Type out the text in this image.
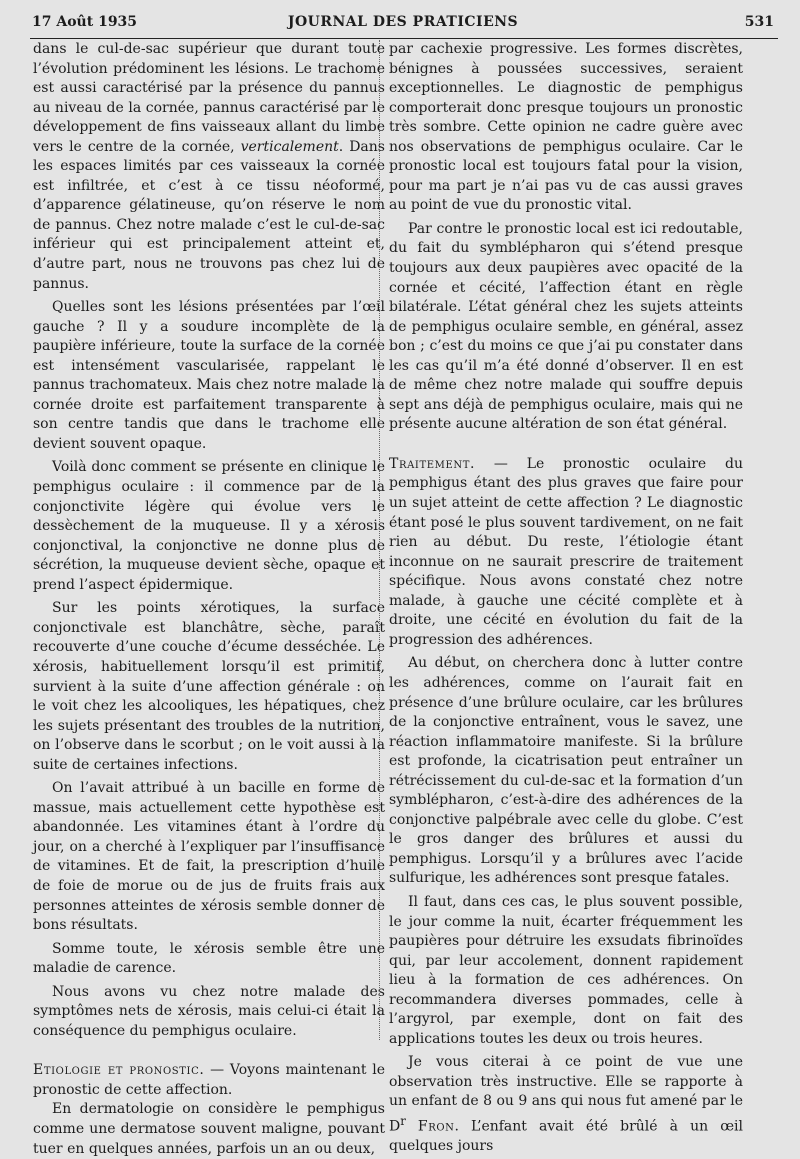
17 Août 1935	JOURNAL DES PRATICIENS	531

dans le cul-de-sac supérieur que durant toute l’évolution prédominent les lésions. Le trachome est aussi caractérisé par la présence du pannus au niveau de la cornée, pannus caractérisé par le développement de fins vaisseaux allant du limbe vers le centre de la cornée, verticalement. Dans les espaces limités par ces vaisseaux la cornée est infiltrée, et c’est à ce tissu néoformé, d’apparence gélatineuse, qu’on réserve le nom de pannus. Chez notre malade c’est le cul-de-sac inférieur qui est principalement atteint et, d’autre part, nous ne trouvons pas chez lui de pannus.

Quelles sont les lésions présentées par l’œil gauche ? Il y a soudure incomplète de la paupière inférieure, toute la surface de la cornée est intensément vascularisée, rappelant le pannus trachomateux. Mais chez notre malade la cornée droite est parfaitement transparente à son centre tandis que dans le trachome elle devient souvent opaque.

Voilà donc comment se présente en clinique le pemphigus oculaire : il commence par de la conjonctivite légère qui évolue vers le dessèchement de la muqueuse. Il y a xérosis conjonctival, la conjonctive ne donne plus de sécrétion, la muqueuse devient sèche, opaque et prend l’aspect épidermique.

Sur les points xérotiques, la surface conjonctivale est blanchâtre, sèche, paraît recouverte d’une couche d’écume desséchée. Le xérosis, habituellement lorsqu’il est primitif, survient à la suite d’une affection générale : on le voit chez les alcooliques, les hépatiques, chez les sujets présentant des troubles de la nutrition, on l’observe dans le scorbut ; on le voit aussi à la suite de certaines infections.

On l’avait attribué à un bacille en forme de massue, mais actuellement cette hypothèse est abandonnée. Les vitamines étant à l’ordre du jour, on a cherché à l’expliquer par l’insuffisance de vitamines. Et de fait, la prescription d’huile de foie de morue ou de jus de fruits frais aux personnes atteintes de xérosis semble donner de bons résultats.

Somme toute, le xérosis semble être une maladie de carence.

Nous avons vu chez notre malade des symptômes nets de xérosis, mais celui-ci était la conséquence du pemphigus oculaire.

Etiologie et pronostic. — Voyons maintenant le pronostic de cette affection.

En dermatologie on considère le pemphigus comme une dermatose souvent maligne, pouvant tuer en quelques années, parfois un an ou deux,

par cachexie progressive. Les formes discrètes, bénignes à poussées successives, seraient exceptionnelles. Le diagnostic de pemphigus comporterait donc presque toujours un pronostic très sombre. Cette opinion ne cadre guère avec nos observations de pemphigus oculaire. Car le pronostic local est toujours fatal pour la vision, pour ma part je n’ai pas vu de cas aussi graves au point de vue du pronostic vital.

Par contre le pronostic local est ici redoutable, du fait du symblépharon qui s’étend presque toujours aux deux paupières avec opacité de la cornée et cécité, l’affection étant en règle bilatérale. L’état général chez les sujets atteints de pemphigus oculaire semble, en général, assez bon ; c’est du moins ce que j’ai pu constater dans les cas qu’il m’a été donné d’observer. Il en est de même chez notre malade qui souffre depuis sept ans déjà de pemphigus oculaire, mais qui ne présente aucune altération de son état général.

Traitement. — Le pronostic oculaire du pemphigus étant des plus graves que faire pour un sujet atteint de cette affection ? Le diagnostic étant posé le plus souvent tardivement, on ne fait rien au début. Du reste, l’étiologie étant inconnue on ne saurait prescrire de traitement spécifique. Nous avons constaté chez notre malade, à gauche une cécité complète et à droite, une cécité en évolution du fait de la progression des adhérences.

Au début, on cherchera donc à lutter contre les adhérences, comme on l’aurait fait en présence d’une brûlure oculaire, car les brûlures de la conjonctive entraînent, vous le savez, une réaction inflammatoire manifeste. Si la brûlure est profonde, la cicatrisation peut entraîner un rétrécissement du cul-de-sac et la formation d’un symblépharon, c’est-à-dire des adhérences de la conjonctive palpébrale avec celle du globe. C’est le gros danger des brûlures et aussi du pemphigus. Lorsqu’il y a brûlures avec l’acide sulfurique, les adhérences sont presque fatales.

Il faut, dans ces cas, le plus souvent possible, le jour comme la nuit, écarter fréquemment les paupières pour détruire les exsudats fibrinoïdes qui, par leur accolement, donnent rapidement lieu à la formation de ces adhérences. On recommandera diverses pommades, celle à l’argyrol, par exemple, dont on fait des applications toutes les deux ou trois heures.

Je vous citerai à ce point de vue une observation très instructive. Elle se rapporte à un enfant de 8 ou 9 ans qui nous fut amené par le $D^r$ Fron. L’enfant avait été brûlé à un œil quelques jours
